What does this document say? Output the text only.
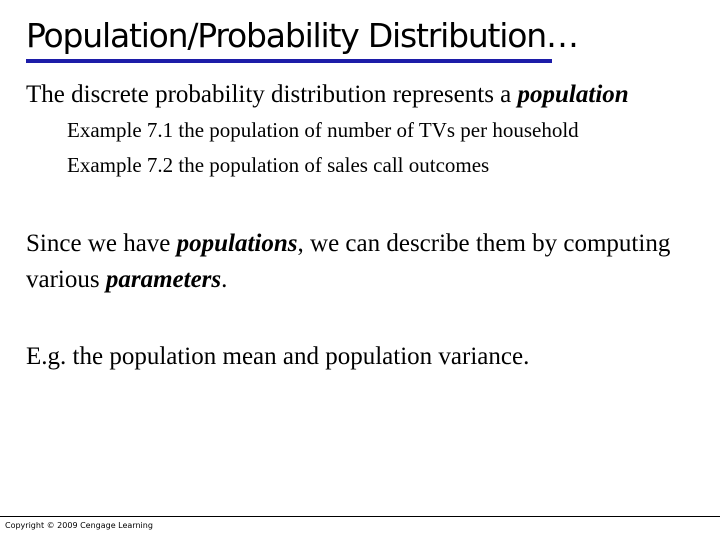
Population/Probability Distribution…
The discrete probability distribution represents a population
Example 7.1 the population of number of TVs per household
Example 7.2 the population of sales call outcomes
Since we have populations, we can describe them by computing various parameters.
E.g. the population mean and population variance.
Copyright © 2009 Cengage Learning
